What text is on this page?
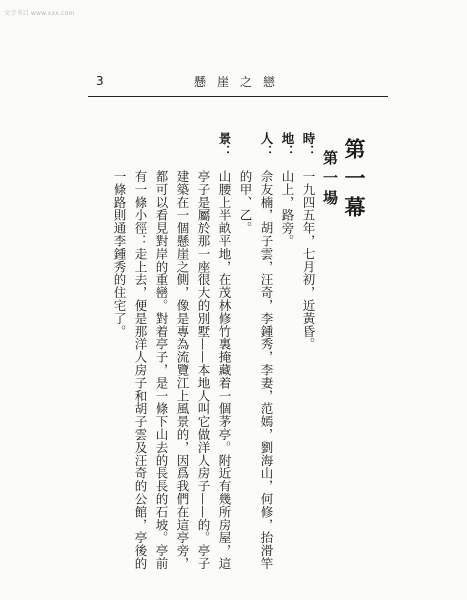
文学书目 www.xxx.com
3	懸崖之戀
第一幕
第一場
時：
一九四五年，七月初，近黃昏。
地：
山上，路旁。
人：
佘友楠，胡子雲，汪奇，李鍾秀，李妻，范嫣，劉海山，何修，抬滑竿
的甲、乙。
景：
山腰上半畝平地，在茂林修竹裏掩藏着一個茅亭。附近有幾所房屋，這
亭子是屬於那一座很大的別墅——本地人叫它做洋人房子——的。亭子
建築在一個懸崖之側，像是專為流覽江上風景的，因爲我們在這亭旁，
都可以看見對岸的重巒。對着亭子，是一條下山去的長長的石坡。亭前
有一條小徑：走上去，便是那洋人房子和胡子雲及汪奇的公館，亭後的
一條路則通李鍾秀的住宅了。
